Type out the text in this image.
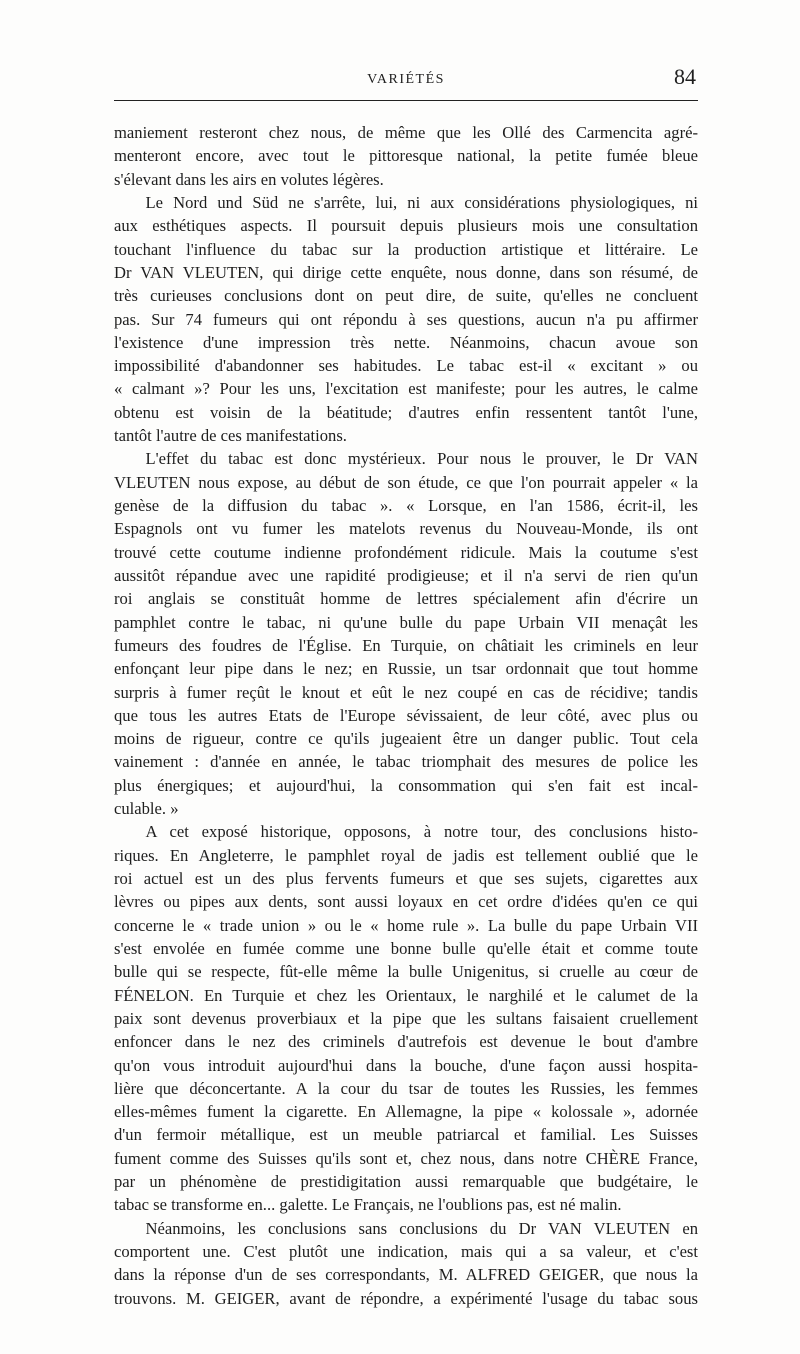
VARIÉTÉS	84
maniement resteront chez nous, de même que les Ollé des Carmencita agré-
menteront encore, avec tout le pittoresque national, la petite fumée bleue
s'élevant dans les airs en volutes légères.
Le Nord und Süd ne s'arrête, lui, ni aux considérations physiologiques, ni
aux esthétiques aspects. Il poursuit depuis plusieurs mois une consultation
touchant l'influence du tabac sur la production artistique et littéraire. Le
Dr VAN VLEUTEN, qui dirige cette enquête, nous donne, dans son résumé, de
très curieuses conclusions dont on peut dire, de suite, qu'elles ne concluent
pas. Sur 74 fumeurs qui ont répondu à ses questions, aucun n'a pu affirmer
l'existence d'une impression très nette. Néanmoins, chacun avoue son
impossibilité d'abandonner ses habitudes. Le tabac est-il « excitant » ou
« calmant »? Pour les uns, l'excitation est manifeste; pour les autres, le calme
obtenu est voisin de la béatitude; d'autres enfin ressentent tantôt l'une,
tantôt l'autre de ces manifestations.
L'effet du tabac est donc mystérieux. Pour nous le prouver, le Dr VAN
VLEUTEN nous expose, au début de son étude, ce que l'on pourrait appeler « la
genèse de la diffusion du tabac ». « Lorsque, en l'an 1586, écrit-il, les
Espagnols ont vu fumer les matelots revenus du Nouveau-Monde, ils ont
trouvé cette coutume indienne profondément ridicule. Mais la coutume s'est
aussitôt répandue avec une rapidité prodigieuse; et il n'a servi de rien qu'un
roi anglais se constituât homme de lettres spécialement afin d'écrire un
pamphlet contre le tabac, ni qu'une bulle du pape Urbain VII menaçât les
fumeurs des foudres de l'Église. En Turquie, on châtiait les criminels en leur
enfonçant leur pipe dans le nez; en Russie, un tsar ordonnait que tout homme
surpris à fumer reçût le knout et eût le nez coupé en cas de récidive; tandis
que tous les autres Etats de l'Europe sévissaient, de leur côté, avec plus ou
moins de rigueur, contre ce qu'ils jugeaient être un danger public. Tout cela
vainement : d'année en année, le tabac triomphait des mesures de police les
plus énergiques; et aujourd'hui, la consommation qui s'en fait est incal-
culable. »
A cet exposé historique, opposons, à notre tour, des conclusions histo-
riques. En Angleterre, le pamphlet royal de jadis est tellement oublié que le
roi actuel est un des plus fervents fumeurs et que ses sujets, cigarettes aux
lèvres ou pipes aux dents, sont aussi loyaux en cet ordre d'idées qu'en ce qui
concerne le « trade union » ou le « home rule ». La bulle du pape Urbain VII
s'est envolée en fumée comme une bonne bulle qu'elle était et comme toute
bulle qui se respecte, fût-elle même la bulle Unigenitus, si cruelle au cœur de
FÉNELON. En Turquie et chez les Orientaux, le narghilé et le calumet de la
paix sont devenus proverbiaux et la pipe que les sultans faisaient cruellement
enfoncer dans le nez des criminels d'autrefois est devenue le bout d'ambre
qu'on vous introduit aujourd'hui dans la bouche, d'une façon aussi hospita-
lière que déconcertante. A la cour du tsar de toutes les Russies, les femmes
elles-mêmes fument la cigarette. En Allemagne, la pipe « kolossale », adornée
d'un fermoir métallique, est un meuble patriarcal et familial. Les Suisses
fument comme des Suisses qu'ils sont et, chez nous, dans notre CHÈRE France,
par un phénomène de prestidigitation aussi remarquable que budgétaire, le
tabac se transforme en... galette. Le Français, ne l'oublions pas, est né malin.
Néanmoins, les conclusions sans conclusions du Dr VAN VLEUTEN en
comportent une. C'est plutôt une indication, mais qui a sa valeur, et c'est
dans la réponse d'un de ses correspondants, M. ALFRED GEIGER, que nous la
trouvons. M. GEIGER, avant de répondre, a expérimenté l'usage du tabac sous
